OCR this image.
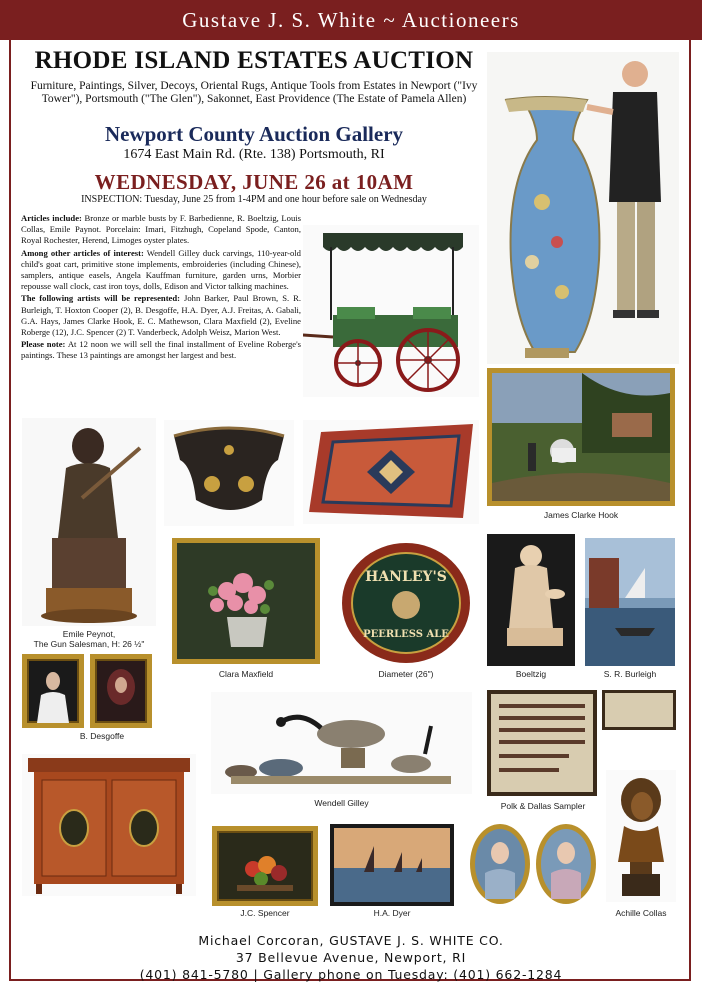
Gustave J. S. White ~ Auctioneers
RHODE ISLAND ESTATES AUCTION
Furniture, Paintings, Silver, Decoys, Oriental Rugs, Antique Tools from Estates in Newport ("Ivy Tower"), Portsmouth ("The Glen"), Sakonnet, East Providence (The Estate of Pamela Allen)
Newport County Auction Gallery
1674 East Main Rd. (Rte. 138) Portsmouth, RI
WEDNESDAY, JUNE 26 at 10AM
INSPECTION: Tuesday, June 25 from 1-4PM and one hour before sale on Wednesday

Articles include: Bronze or marble busts by F. Barbedienne, R. Boeltzig, Louis Collas, Emile Paynot. Porcelain: Imari, Fitzhugh, Copeland Spode, Canton, Royal Rochester, Herend, Limoges oyster plates.

Among other articles of interest: Wendell Gilley duck carvings, 110-year-old child's goat cart, primitive stone implements, embroideries (including Chinese), samplers, antique easels, Angela Kauffman furniture, garden urns, Morbier repousse wall clock, cast iron toys, dolls, Edison and Victor talking machines.

The following artists will be represented: John Barker, Paul Brown, S. R. Burleigh, T. Hoxton Cooper (2), B. Desgoffe, H.A. Dyer, A.J. Freitas, A. Gabali, G.A. Hays, James Clarke Hook, E. C. Mathewson, Clara Maxfield (2), Eveline Roberge (12), J.C. Spencer (2) T. Vanderbeck, Adolph Weisz, Marion West.

Please note: At 12 noon we will sell the final installment of Eveline Roberge's paintings. These 13 paintings are amongst her largest and best.

James Clarke Hook
Emile Peynot,
The Gun Salesman, H: 26 ½"
Clara Maxfield
HANLEY'S
PEERLESS ALE
Diameter (26")	Boeltzig	S. R. Burleigh
B. Desgoffe
Wendell Gilley	Polk & Dallas Sampler
J.C. Spencer	H.A. Dyer	Achille Collas
Michael Corcoran, GUSTAVE J. S. WHITE CO.
37 Bellevue Avenue, Newport, RI
(401) 841-5780 | Gallery phone on Tuesday: (401) 662-1284
